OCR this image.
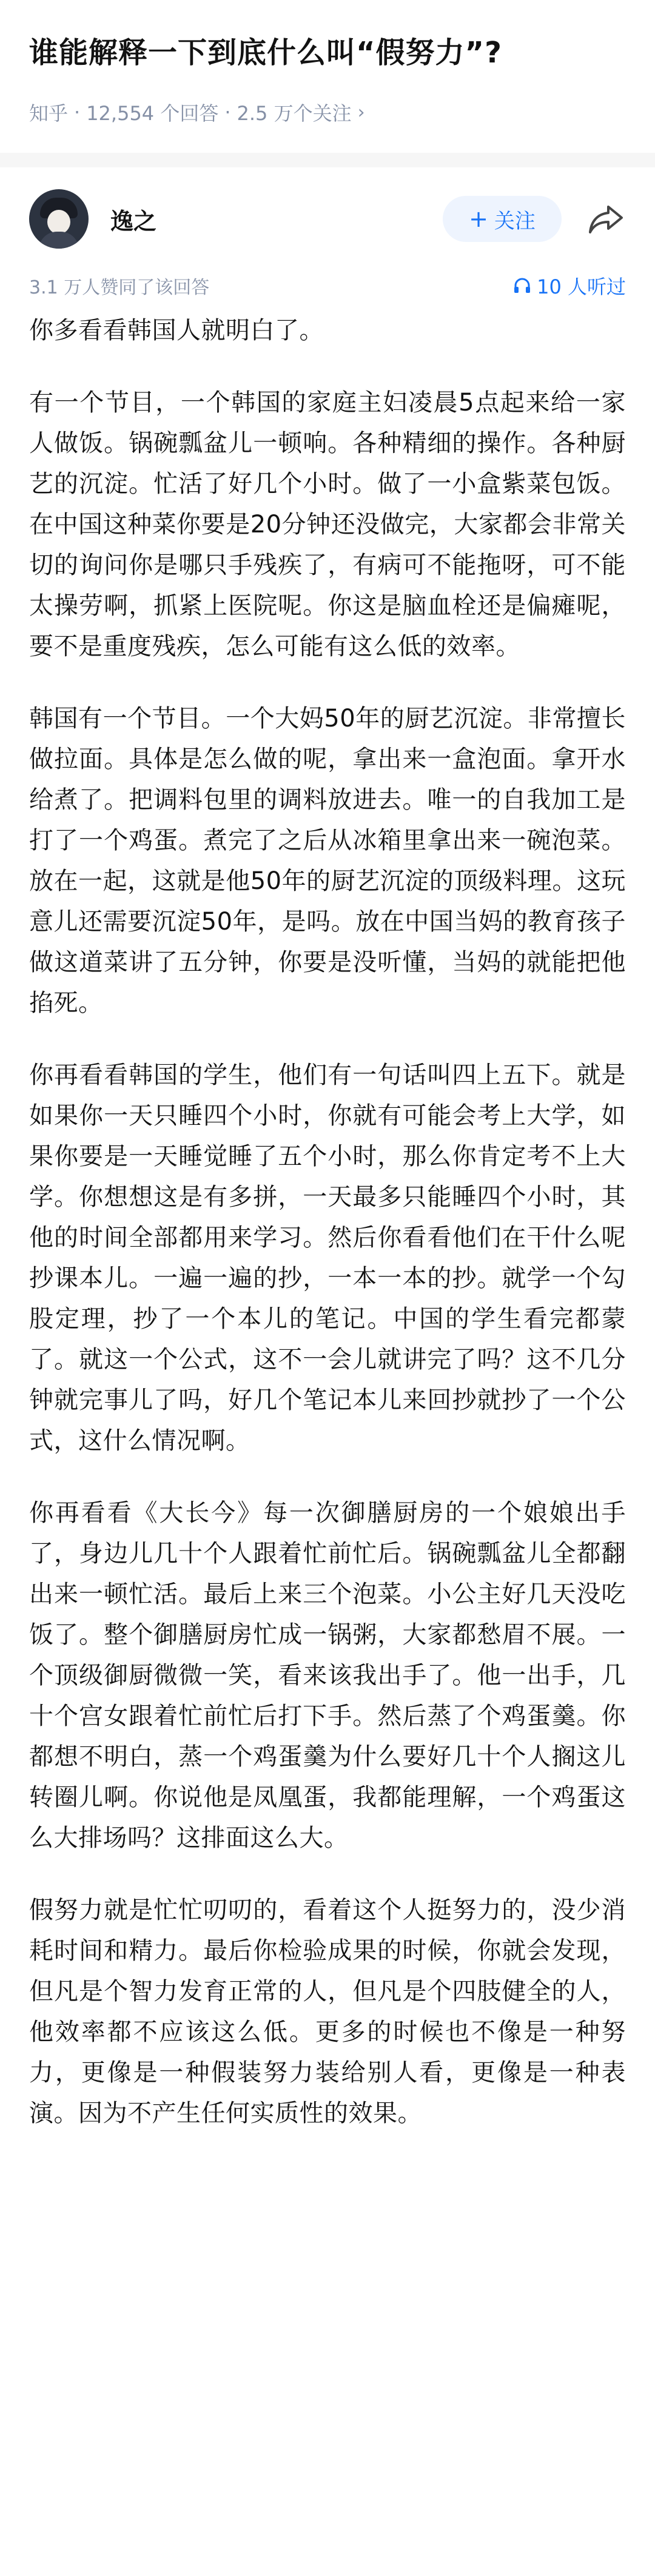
谁能解释一下到底什么叫“假努力”?
知乎 · 12,554 个回答 · 2.5 万个关注 ›
逸之	+ 关注
3.1 万人赞同了该回答	10 人听过

你多看看韩国人就明白了。

有一个节目，一个韩国的家庭主妇凌晨5点起来给一家人做饭。锅碗瓢盆儿一顿响。各种精细的操作。各种厨艺的沉淀。忙活了好几个小时。做了一小盒紫菜包饭。在中国这种菜你要是20分钟还没做完，大家都会非常关切的询问你是哪只手残疾了，有病可不能拖呀，可不能太操劳啊，抓紧上医院呢。你这是脑血栓还是偏瘫呢，要不是重度残疾，怎么可能有这么低的效率。

韩国有一个节目。一个大妈50年的厨艺沉淀。非常擅长做拉面。具体是怎么做的呢，拿出来一盒泡面。拿开水给煮了。把调料包里的调料放进去。唯一的自我加工是打了一个鸡蛋。煮完了之后从冰箱里拿出来一碗泡菜。放在一起，这就是他50年的厨艺沉淀的顶级料理。这玩意儿还需要沉淀50年，是吗。放在中国当妈的教育孩子做这道菜讲了五分钟，你要是没听懂，当妈的就能把他掐死。

你再看看韩国的学生，他们有一句话叫四上五下。就是如果你一天只睡四个小时，你就有可能会考上大学，如果你要是一天睡觉睡了五个小时，那么你肯定考不上大学。你想想这是有多拼，一天最多只能睡四个小时，其他的时间全部都用来学习。然后你看看他们在干什么呢抄课本儿。一遍一遍的抄，一本一本的抄。就学一个勾股定理，抄了一个本儿的笔记。中国的学生看完都蒙了。就这一个公式，这不一会儿就讲完了吗？这不几分钟就完事儿了吗，好几个笔记本儿来回抄就抄了一个公式，这什么情况啊。

你再看看《大长今》每一次御膳厨房的一个娘娘出手了，身边儿几十个人跟着忙前忙后。锅碗瓢盆儿全都翻出来一顿忙活。最后上来三个泡菜。小公主好几天没吃饭了。整个御膳厨房忙成一锅粥，大家都愁眉不展。一个顶级御厨微微一笑，看来该我出手了。他一出手，几十个宫女跟着忙前忙后打下手。然后蒸了个鸡蛋羹。你都想不明白，蒸一个鸡蛋羹为什么要好几十个人搁这儿转圈儿啊。你说他是凤凰蛋，我都能理解，一个鸡蛋这么大排场吗？这排面这么大。

假努力就是忙忙叨叨的，看着这个人挺努力的，没少消耗时间和精力。最后你检验成果的时候，你就会发现，但凡是个智力发育正常的人，但凡是个四肢健全的人，他效率都不应该这么低。更多的时候也不像是一种努力，更像是一种假装努力装给别人看，更像是一种表演。因为不产生任何实质性的效果。
